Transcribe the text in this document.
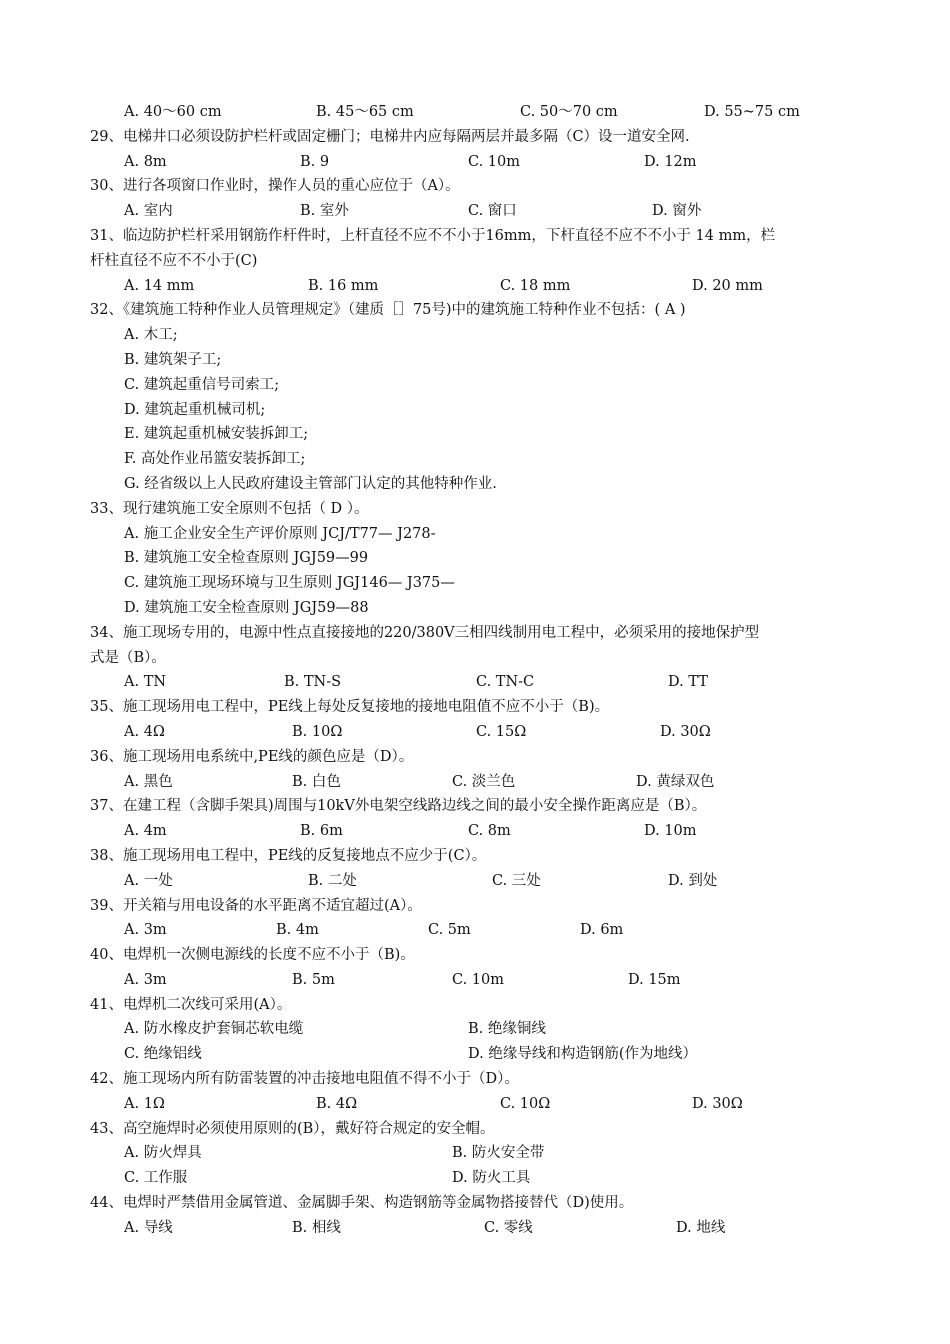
A. 40～60 cm	B. 45～65 cm	C. 50～70 cm	D. 55~75 cm
29、电梯井口必须设防护栏杆或固定栅门；电梯井内应每隔两层并最多隔（C）设一道安全网.
A. 8m	B. 9	C. 10m	D. 12m
30、进行各项窗口作业时，操作人员的重心应位于（A）。
A. 室内	B. 室外	C. 窗口	D. 窗外
31、临边防护栏杆采用钢筋作杆件时，上杆直径不应不不小于16mm，下杆直径不应不不小于 14 mm，栏
杆柱直径不应不不小于(C)
A. 14 mm	B. 16 mm	C. 18 mm	D. 20 mm
32、《建筑施工特种作业人员管理规定》（建质［］75号)中的建筑施工特种作业不包括：( A )
A. 木工;
B. 建筑架子工;
C. 建筑起重信号司索工;
D. 建筑起重机械司机;
E. 建筑起重机械安装拆卸工;
F. 高处作业吊篮安装拆卸工;
G. 经省级以上人民政府建设主管部门认定的其他特种作业.
33、现行建筑施工安全原则不包括（ D ）。
A. 施工企业安全生产评价原则 JCJ/T77— J278-
B. 建筑施工安全检查原则 JGJ59—99
C. 建筑施工现场环境与卫生原则 JGJ146— J375—
D. 建筑施工安全检查原则 JGJ59—88
34、施工现场专用的，电源中性点直接接地的220/380V三相四线制用电工程中，必须采用的接地保护型
式是（B）。
A. TN	B. TN-S	C. TN-C	D. TT
35、施工现场用电工程中，PE线上每处反复接地的接地电阻值不应不小于（B)。
A. 4Ω	B. 10Ω	C. 15Ω	D. 30Ω
36、施工现场用电系统中,PE线的颜色应是（D）。
A. 黑色	B. 白色	C. 淡兰色	D. 黄绿双色
37、在建工程（含脚手架具)周围与10kV外电架空线路边线之间的最小安全操作距离应是（B）。
A. 4m	B. 6m	C. 8m	D. 10m
38、施工现场用电工程中，PE线的反复接地点不应少于(C）。
A. 一处	B. 二处	C. 三处	D. 到处
39、开关箱与用电设备的水平距离不适宜超过(A）。
A. 3m	B. 4m	C. 5m	D. 6m
40、电焊机一次侧电源线的长度不应不小于（B)。
A. 3m	B. 5m	C. 10m	D. 15m
41、电焊机二次线可采用(A）。
A. 防水橡皮护套铜芯软电缆	B. 绝缘铜线
C. 绝缘铝线	D. 绝缘导线和构造钢筋(作为地线）
42、施工现场内所有防雷装置的冲击接地电阻值不得不小于（D）。
A. 1Ω	B. 4Ω	C. 10Ω	D. 30Ω
43、高空施焊时必须使用原则的(B），戴好符合规定的安全帽。
A. 防火焊具	B. 防火安全带
C. 工作服	D. 防火工具
44、电焊时严禁借用金属管道、金属脚手架、构造钢筋等金属物搭接替代（D)使用。
A. 导线	B. 相线	C. 零线	D. 地线
